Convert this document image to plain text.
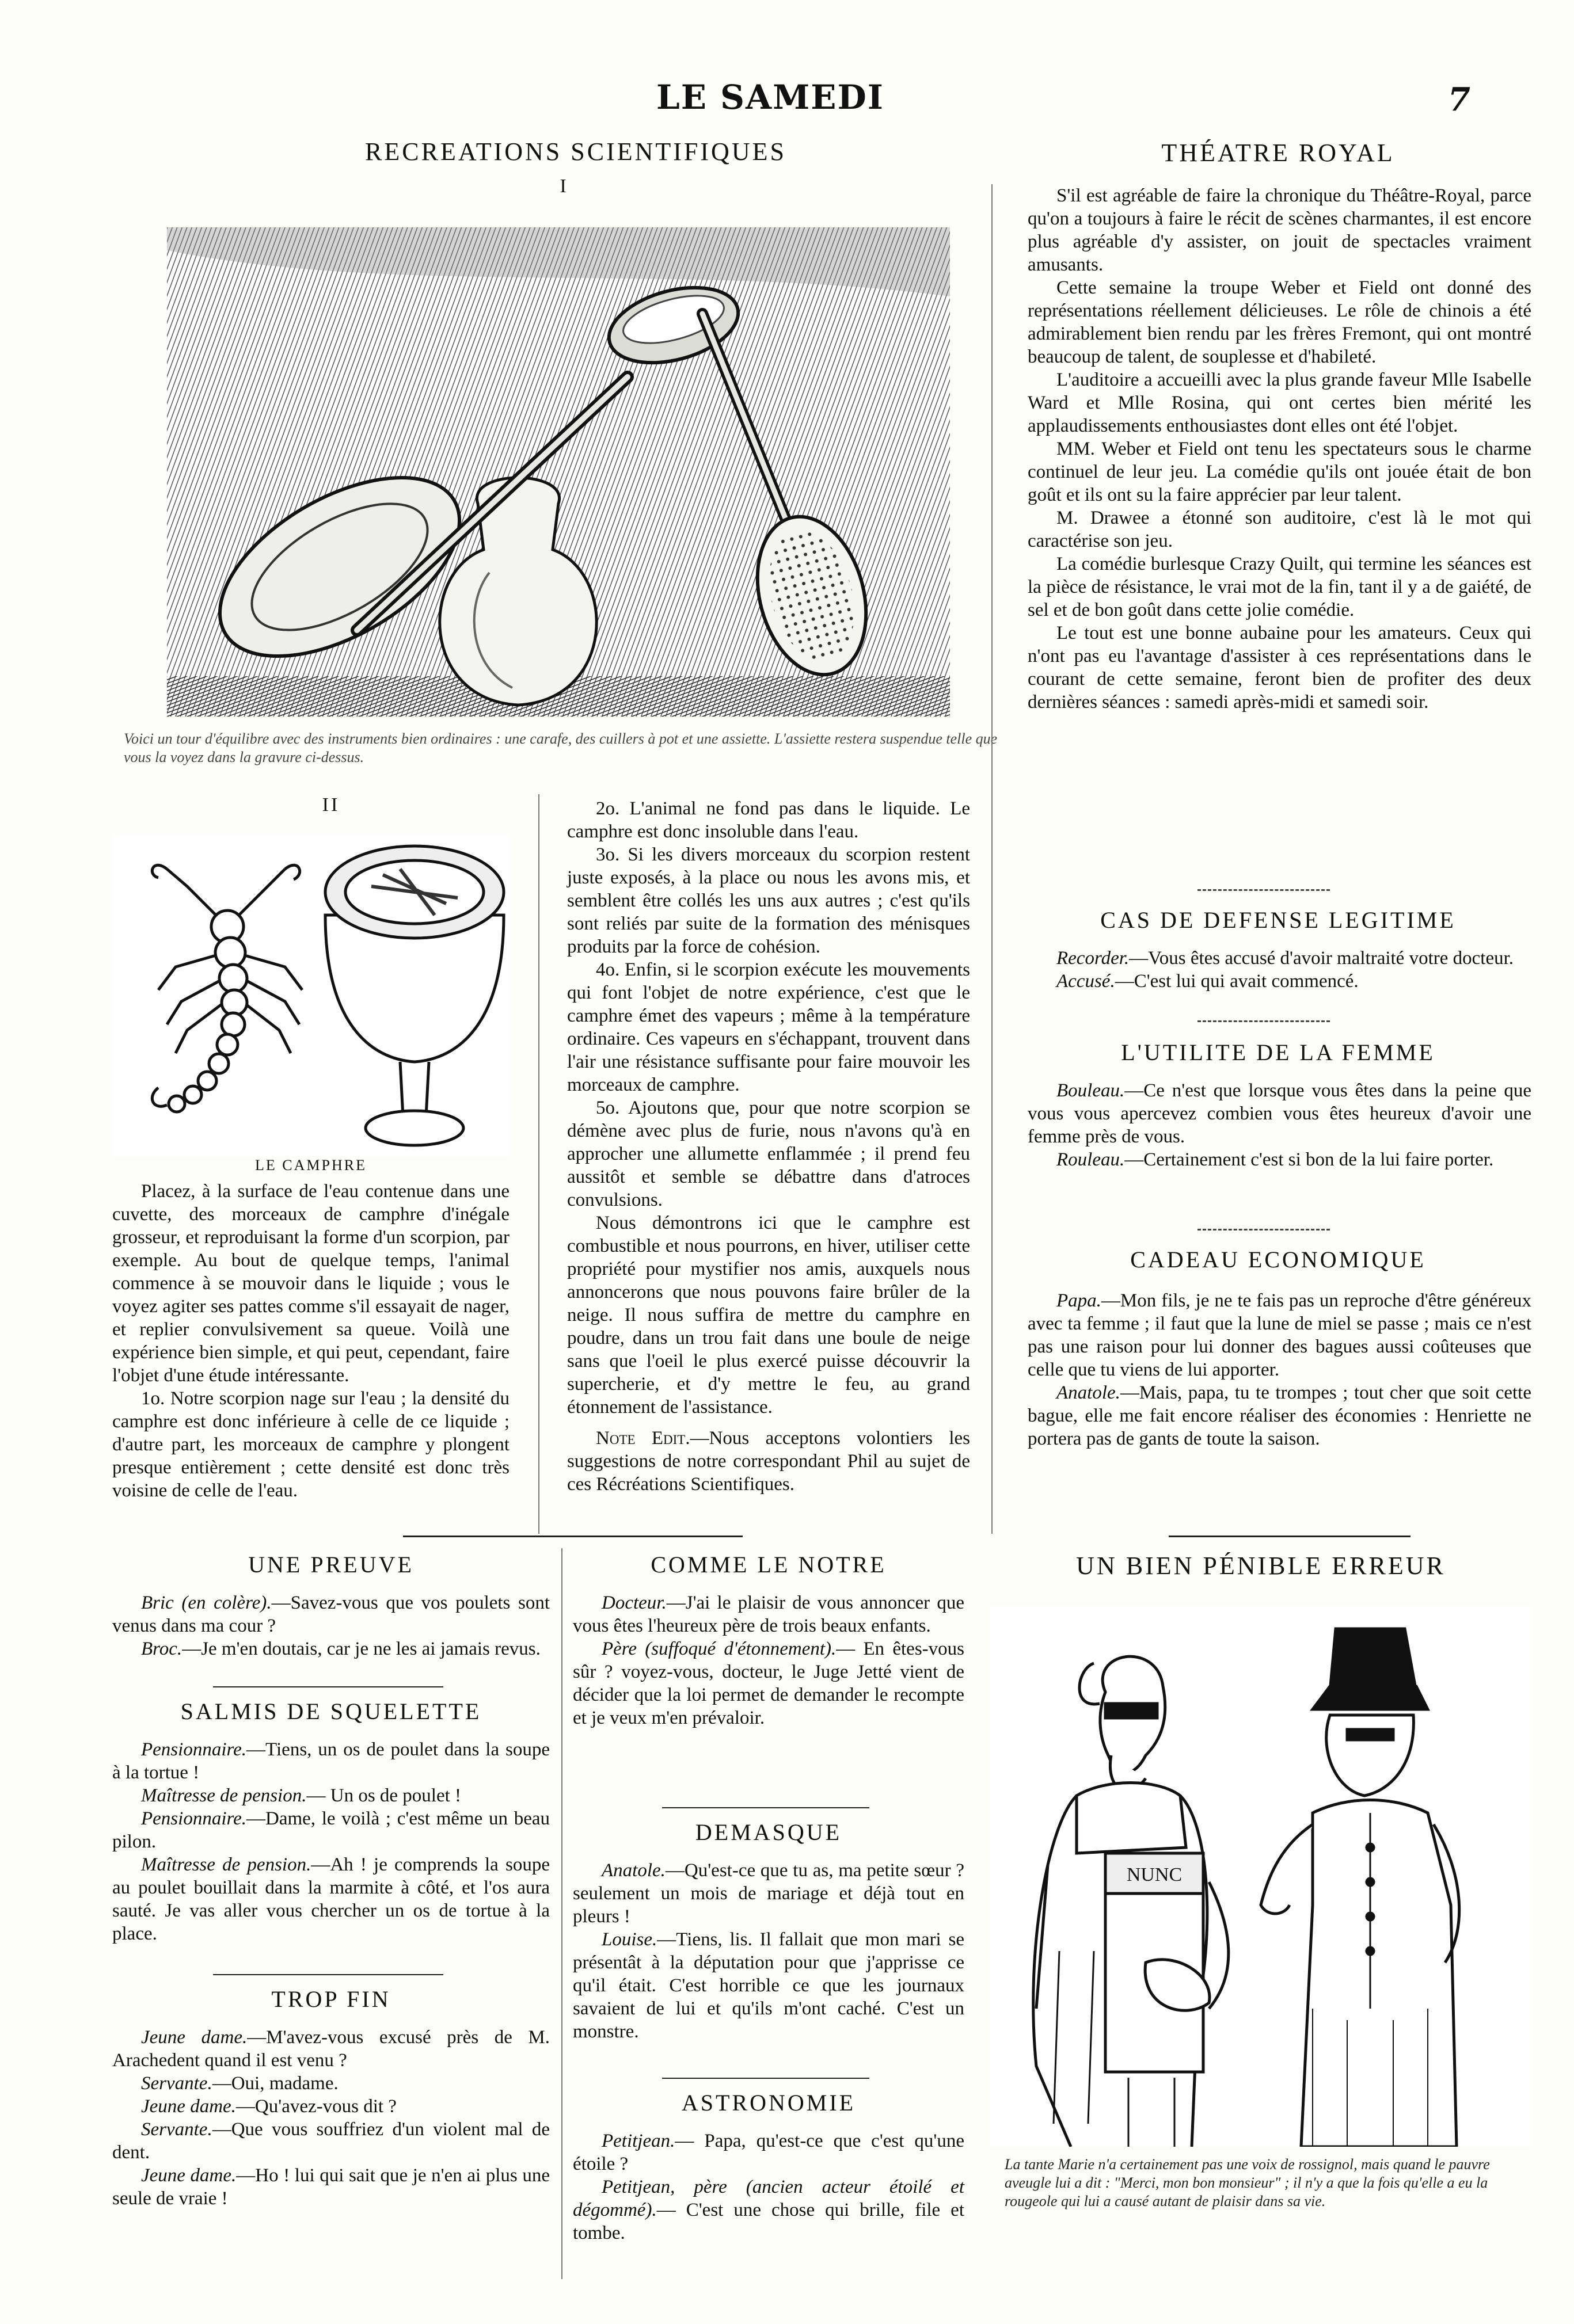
LE SAMEDI	7
RECREATIONS SCIENTIFIQUES
I
Voici un tour d'équilibre avec des instruments bien ordinaires : une carafe, des cuillers à pot et une assiette. L'assiette restera suspendue telle que vous la voyez dans la gravure ci-dessus.
II
LE CAMPHRE

Placez, à la surface de l'eau contenue dans une cuvette, des morceaux de camphre d'inégale grosseur, et reproduisant la forme d'un scorpion, par exemple. Au bout de quelque temps, l'animal commence à se mouvoir dans le liquide ; vous le voyez agiter ses pattes comme s'il essayait de nager, et replier convulsivement sa queue. Voilà une expérience bien simple, et qui peut, cependant, faire l'objet d'une étude intéressante.

1o. Notre scorpion nage sur l'eau ; la densité du camphre est donc inférieure à celle de ce liquide ; d'autre part, les morceaux de camphre y plongent presque entièrement ; cette densité est donc très voisine de celle de l'eau.

2o. L'animal ne fond pas dans le liquide. Le camphre est donc insoluble dans l'eau.

3o. Si les divers morceaux du scorpion restent juste exposés, à la place ou nous les avons mis, et semblent être collés les uns aux autres ; c'est qu'ils sont reliés par suite de la formation des ménisques produits par la force de cohésion.

4o. Enfin, si le scorpion exécute les mouvements qui font l'objet de notre expérience, c'est que le camphre émet des vapeurs ; même à la température ordinaire. Ces vapeurs en s'échappant, trouvent dans l'air une résistance suffisante pour faire mouvoir les morceaux de camphre.

5o. Ajoutons que, pour que notre scorpion se démène avec plus de furie, nous n'avons qu'à en approcher une allumette enflammée ; il prend feu aussitôt et semble se débattre dans d'atroces convulsions.

Nous démontrons ici que le camphre est combustible et nous pourrons, en hiver, utiliser cette propriété pour mystifier nos amis, auxquels nous annoncerons que nous pouvons faire brûler de la neige. Il nous suffira de mettre du camphre en poudre, dans un trou fait dans une boule de neige sans que l'oeil le plus exercé puisse découvrir la supercherie, et d'y mettre le feu, au grand étonnement de l'assistance.

Note Edit.—Nous acceptons volontiers les suggestions de notre correspondant Phil au sujet de ces Récréations Scientifiques.

THÉATRE ROYAL

S'il est agréable de faire la chronique du Théâtre-Royal, parce qu'on a toujours à faire le récit de scènes charmantes, il est encore plus agréable d'y assister, on jouit de spectacles vraiment amusants.

Cette semaine la troupe Weber et Field ont donné des représentations réellement délicieuses. Le rôle de chinois a été admirablement bien rendu par les frères Fremont, qui ont montré beaucoup de talent, de souplesse et d'habileté.

L'auditoire a accueilli avec la plus grande faveur Mlle Isabelle Ward et Mlle Rosina, qui ont certes bien mérité les applaudissements enthousiastes dont elles ont été l'objet.

MM. Weber et Field ont tenu les spectateurs sous le charme continuel de leur jeu. La comédie qu'ils ont jouée était de bon goût et ils ont su la faire apprécier par leur talent.

M. Drawee a étonné son auditoire, c'est là le mot qui caractérise son jeu.

La comédie burlesque Crazy Quilt, qui termine les séances est la pièce de résistance, le vrai mot de la fin, tant il y a de gaiété, de sel et de bon goût dans cette jolie comédie.

Le tout est une bonne aubaine pour les amateurs. Ceux qui n'ont pas eu l'avantage d'assister à ces représentations dans le courant de cette semaine, feront bien de profiter des deux dernières séances : samedi après-midi et samedi soir.

CAS DE DEFENSE LEGITIME

Recorder.—Vous êtes accusé d'avoir maltraité votre docteur.

Accusé.—C'est lui qui avait commencé.

L'UTILITE DE LA FEMME

Bouleau.—Ce n'est que lorsque vous êtes dans la peine que vous vous apercevez combien vous êtes heureux d'avoir une femme près de vous.

Rouleau.—Certainement c'est si bon de la lui faire porter.

CADEAU ECONOMIQUE

Papa.—Mon fils, je ne te fais pas un reproche d'être généreux avec ta femme ; il faut que la lune de miel se passe ; mais ce n'est pas une raison pour lui donner des bagues aussi coûteuses que celle que tu viens de lui apporter.

Anatole.—Mais, papa, tu te trompes ; tout cher que soit cette bague, elle me fait encore réaliser des économies : Henriette ne portera pas de gants de toute la saison.

UNE PREUVE

Bric (en colère).—Savez-vous que vos poulets sont venus dans ma cour ?

Broc.—Je m'en doutais, car je ne les ai jamais revus.

SALMIS DE SQUELETTE

Pensionnaire.—Tiens, un os de poulet dans la soupe à la tortue !

Maîtresse de pension.— Un os de poulet !

Pensionnaire.—Dame, le voilà ; c'est même un beau pilon.

Maîtresse de pension.—Ah ! je comprends la soupe au poulet bouillait dans la marmite à côté, et l'os aura sauté. Je vas aller vous chercher un os de tortue à la place.

TROP FIN

Jeune dame.—M'avez-vous excusé près de M. Arachedent quand il est venu ?

Servante.—Oui, madame.

Jeune dame.—Qu'avez-vous dit ?

Servante.—Que vous souffriez d'un violent mal de dent.

Jeune dame.—Ho ! lui qui sait que je n'en ai plus une seule de vraie !

COMME LE NOTRE

Docteur.—J'ai le plaisir de vous annoncer que vous êtes l'heureux père de trois beaux enfants.

Père (suffoqué d'étonnement).— En êtes-vous sûr ? voyez-vous, docteur, le Juge Jetté vient de décider que la loi permet de demander le recompte et je veux m'en prévaloir.

DEMASQUE

Anatole.—Qu'est-ce que tu as, ma petite sœur ? seulement un mois de mariage et déjà tout en pleurs !

Louise.—Tiens, lis. Il fallait que mon mari se présentât à la députation pour que j'apprisse ce qu'il était. C'est horrible ce que les journaux savaient de lui et qu'ils m'ont caché. C'est un monstre.

ASTRONOMIE

Petitjean.— Papa, qu'est-ce que c'est qu'une étoile ?

Petitjean, père (ancien acteur étoilé et dégommé).— C'est une chose qui brille, file et tombe.

UN BIEN PÉNIBLE ERREUR
NUNC
La tante Marie n'a certainement pas une voix de rossignol, mais quand le pauvre aveugle lui a dit : "Merci, mon bon monsieur" ; il n'y a que la fois qu'elle a eu la rougeole qui lui a causé autant de plaisir dans sa vie.
